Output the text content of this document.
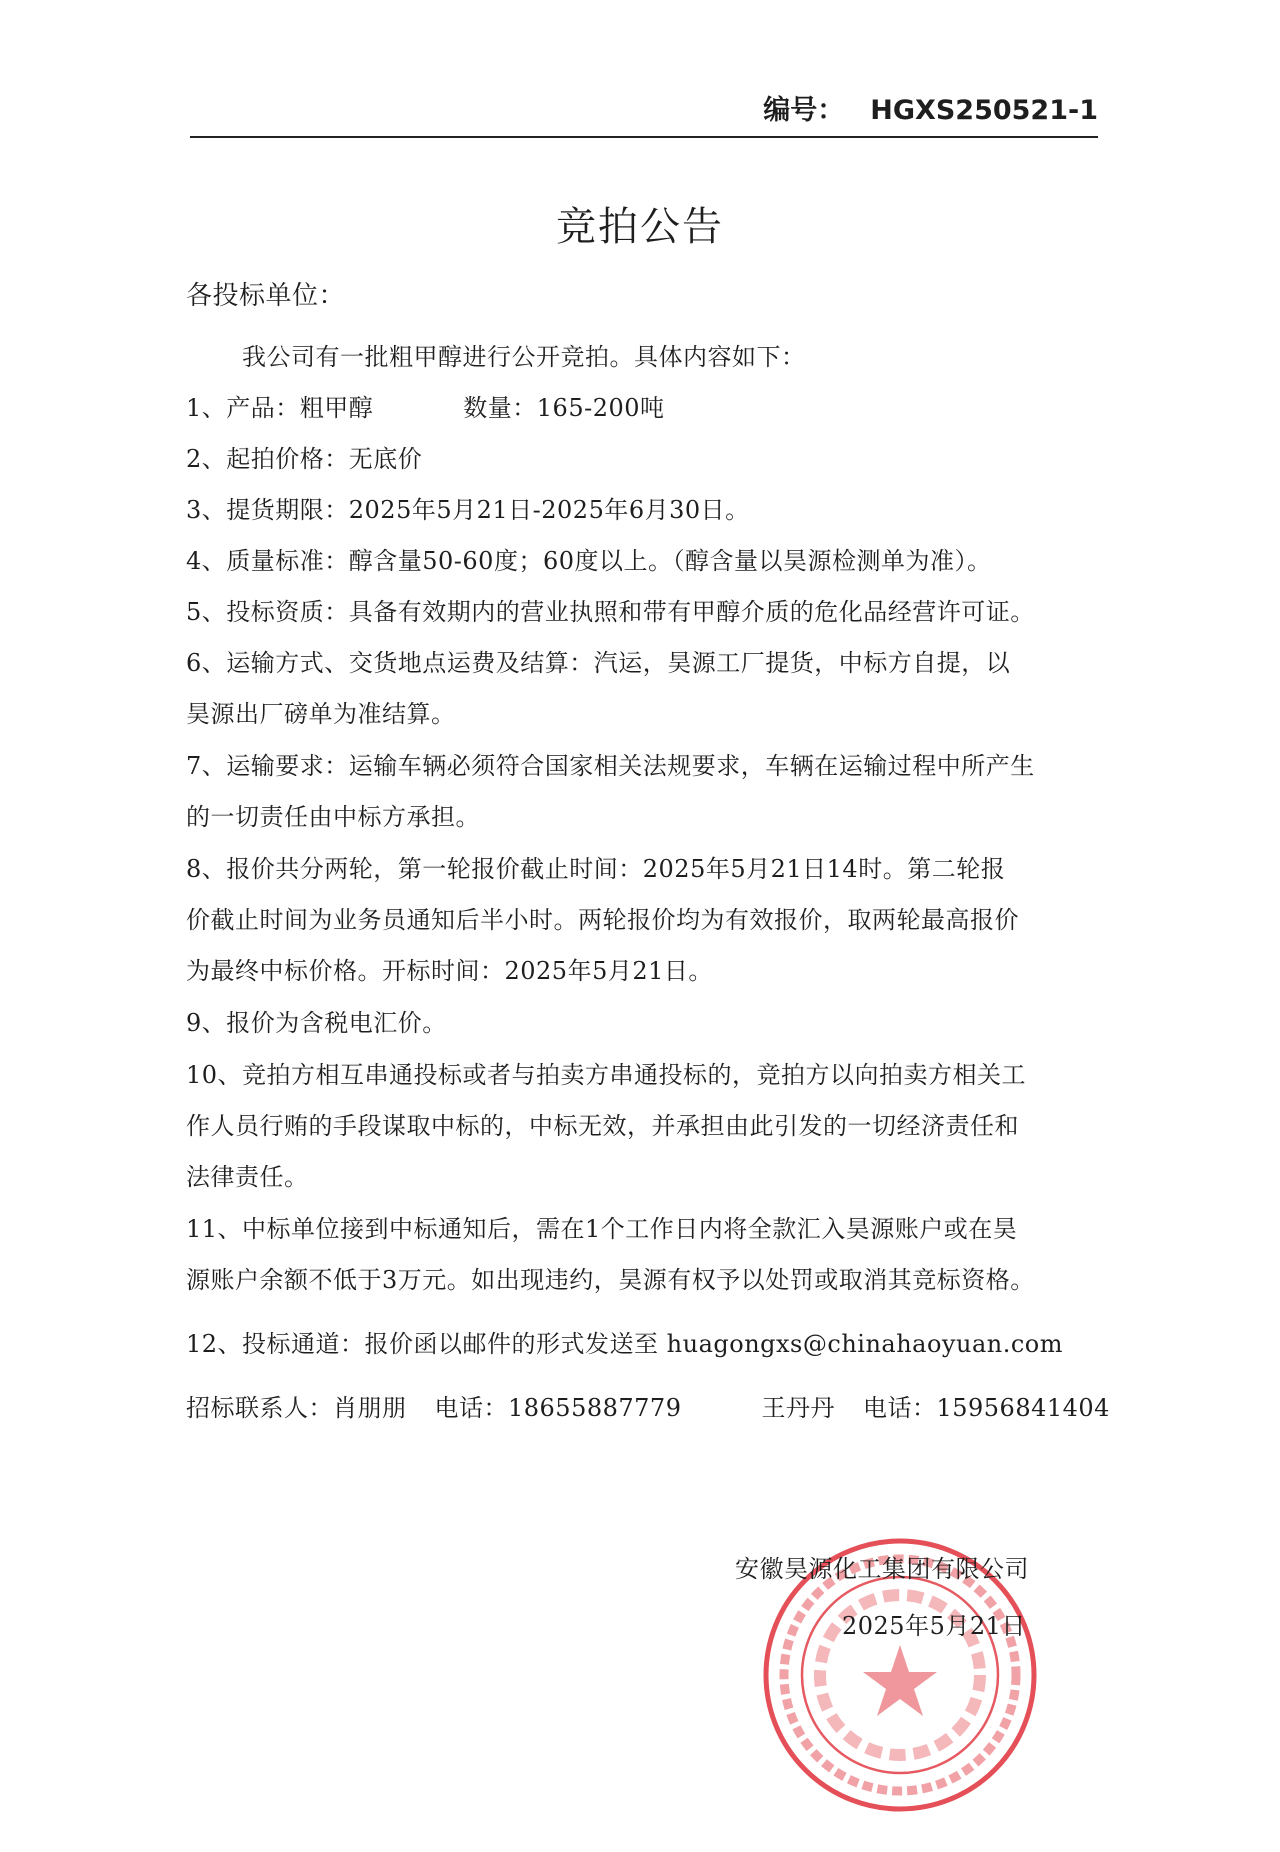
编号： HGXS250521-1
竞拍公告
各投标单位：
我公司有一批粗甲醇进行公开竞拍。具体内容如下：
1、产品：粗甲醇	数量：165-200吨
2、起拍价格：无底价
3、提货期限：2025年5月21日-2025年6月30日。
4、质量标准：醇含量50-60度；60度以上。（醇含量以昊源检测单为准）。
5、投标资质：具备有效期内的营业执照和带有甲醇介质的危化品经营许可证。
6、运输方式、交货地点运费及结算：汽运，昊源工厂提货，中标方自提，以
昊源出厂磅单为准结算。
7、运输要求：运输车辆必须符合国家相关法规要求，车辆在运输过程中所产生
的一切责任由中标方承担。
8、报价共分两轮，第一轮报价截止时间：2025年5月21日14时。第二轮报
价截止时间为业务员通知后半小时。两轮报价均为有效报价，取两轮最高报价
为最终中标价格。开标时间：2025年5月21日。
9、报价为含税电汇价。
10、竞拍方相互串通投标或者与拍卖方串通投标的，竞拍方以向拍卖方相关工
作人员行贿的手段谋取中标的，中标无效，并承担由此引发的一切经济责任和
法律责任。
11、中标单位接到中标通知后，需在1个工作日内将全款汇入昊源账户或在昊
源账户余额不低于3万元。如出现违约，昊源有权予以处罚或取消其竞标资格。
12、投标通道：报价函以邮件的形式发送至 huagongxs@chinahaoyuan.com
招标联系人：肖朋朋 电话：18655887779	王丹丹 电话：15956841404
安徽昊源化工集团有限公司
2025年5月21日
